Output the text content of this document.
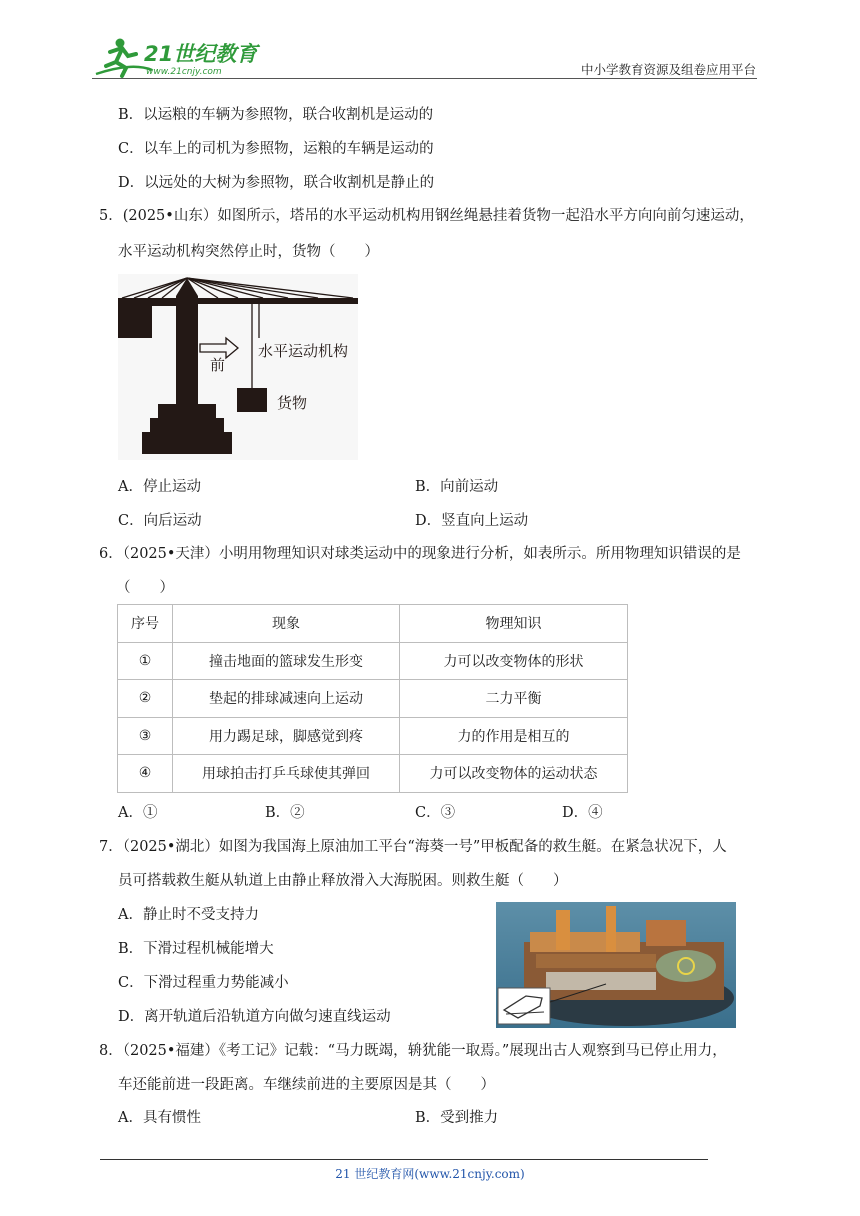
21世纪教育
www.21cnjy.com	中小学教育资源及组卷应用平台
B．以运粮的车辆为参照物，联合收割机是运动的
C．以车上的司机为参照物，运粮的车辆是运动的
D．以远处的大树为参照物，联合收割机是静止的
5．(2025•山东）如图所示，塔吊的水平运动机构用钢丝绳悬挂着货物一起沿水平方向向前匀速运动，
水平运动机构突然停止时，货物（　　）
前
水平运动机构
货物
A．停止运动	B．向前运动
C．向后运动	D．竖直向上运动
6．（2025•天津）小明用物理知识对球类运动中的现象进行分析，如表所示。所用物理知识错误的是
（　　）
序号	现象	物理知识
①	撞击地面的篮球发生形变	力可以改变物体的形状
②	垫起的排球减速向上运动	二力平衡
③	用力踢足球，脚感觉到疼	力的作用是相互的
④	用球拍击打乒乓球使其弹回	力可以改变物体的运动状态
A．①	B．②	C．③	D．④
7．（2025•湖北）如图为我国海上原油加工平台“海葵一号”甲板配备的救生艇。在紧急状况下，人
员可搭载救生艇从轨道上由静止释放滑入大海脱困。则救生艇（　　）
A．静止时不受支持力
B．下滑过程机械能增大
C．下滑过程重力势能减小
D．离开轨道后沿轨道方向做匀速直线运动
8．（2025•福建）《考工记》记载：“马力既竭，辀犹能一取焉。”展现出古人观察到马已停止用力，
车还能前进一段距离。车继续前进的主要原因是其（　　）
A．具有惯性	B．受到推力
21 世纪教育网(www.21cnjy.com)
